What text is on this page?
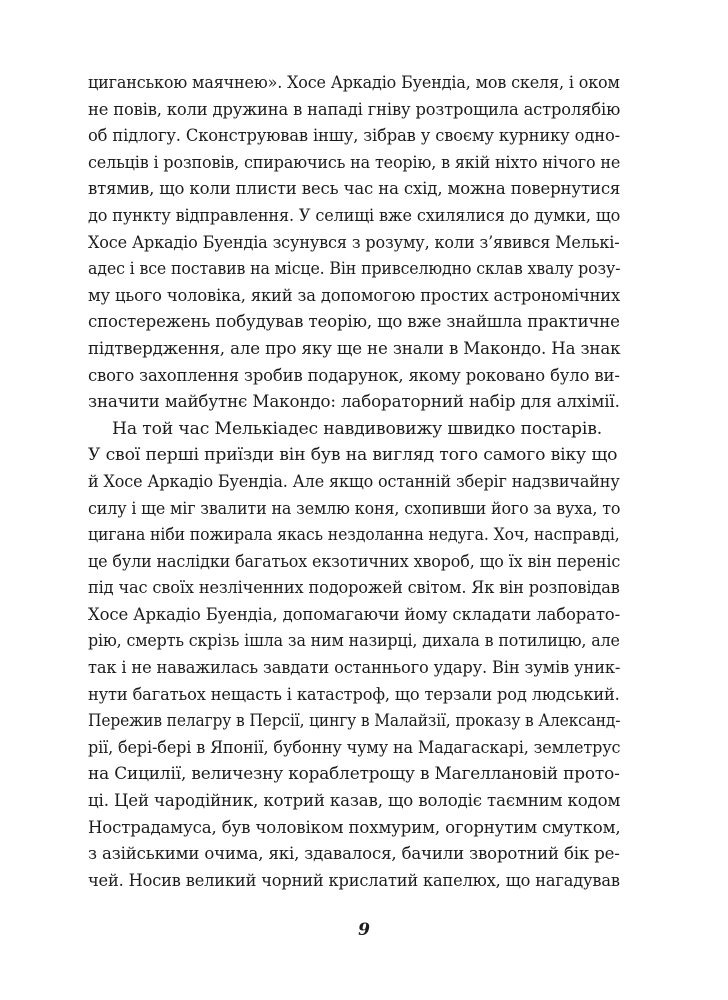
циганською маячнею». Хосе Аркадіо Буендіа, мов скеля, і оком
не повів, коли дружина в нападі гніву розтрощила астролябію
об підлогу. Сконструював іншу, зібрав у своєму курнику одно-
сельців і розповів, спираючись на теорію, в якій ніхто нічого не
втямив, що коли плисти весь час на схід, можна повернутися
до пункту відправлення. У селищі вже схилялися до думки, що
Хосе Аркадіо Буендіа зсунувся з розуму, коли з’явився Мелькі-
адес і все поставив на місце. Він привселюдно склав хвалу розу-
му цього чоловіка, який за допомогою простих астрономічних
спостережень побудував теорію, що вже знайшла практичне
підтвердження, але про яку ще не знали в Макондо. На знак
свого захоплення зробив подарунок, якому роковано було ви-
значити майбутнє Макондо: лабораторний набір для алхімії.
На той час Мелькіадес навдивовижу швидко постарів.
У свої перші приїзди він був на вигляд того самого віку що
й Хосе Аркадіо Буендіа. Але якщо останній зберіг надзвичайну
силу і ще міг звалити на землю коня, схопивши його за вуха, то
цигана ніби пожирала якась нездоланна недуга. Хоч, насправді,
це були наслідки багатьох екзотичних хвороб, що їх він переніс
під час своїх незліченних подорожей світом. Як він розповідав
Хосе Аркадіо Буендіа, допомагаючи йому складати лаборато-
рію, смерть скрізь ішла за ним назирці, дихала в потилицю, але
так і не наважилась завдати останнього удару. Він зумів уник-
нути багатьох нещасть і катастроф, що терзали род людський.
Пережив пелагру в Персії, цингу в Малайзії, проказу в Александ-
рії, бері-бері в Японії, бубонну чуму на Мадагаскарі, землетрус
на Сицилії, величезну кораблетрощу в Магеллановій прото-
ці. Цей чародійник, котрий казав, що володіє таємним кодом
Нострадамуса, був чоловіком похмурим, огорнутим смутком,
з азійськими очима, які, здавалося, бачили зворотний бік ре-
чей. Носив великий чорний крислатий капелюх, що нагадував
9
